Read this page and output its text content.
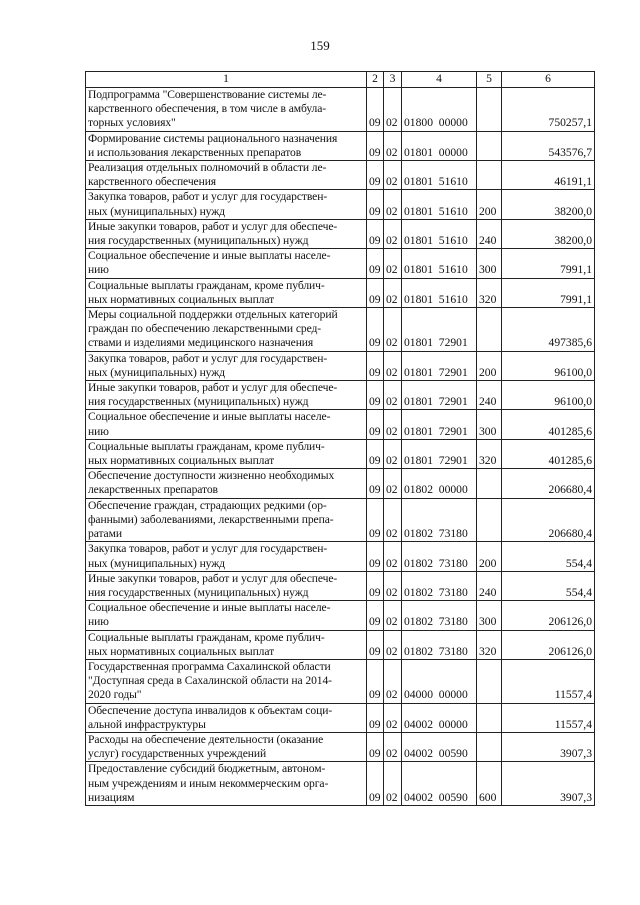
159
1	2	3	4	5	6
Подпрограмма "Совершенствование системы ле-
карственного обеспечения, в том числе в амбула-
торных условиях"	09	02	01800  00000		750257,1
Формирование системы рационального назначения
и использования лекарственных препаратов	09	02	01801  00000		543576,7
Реализация отдельных полномочий в области ле-
карственного обеспечения	09	02	01801  51610		46191,1
Закупка товаров, работ и услуг для государствен-
ных (муниципальных) нужд	09	02	01801  51610	200	38200,0
Иные закупки товаров, работ и услуг для обеспече-
ния государственных (муниципальных) нужд	09	02	01801  51610	240	38200,0
Социальное обеспечение и иные выплаты населе-
нию	09	02	01801  51610	300	7991,1
Социальные выплаты гражданам, кроме публич-
ных нормативных социальных выплат	09	02	01801  51610	320	7991,1
Меры социальной поддержки отдельных категорий
граждан по обеспечению лекарственными сред-
ствами и изделиями медицинского назначения	09	02	01801  72901		497385,6
Закупка товаров, работ и услуг для государствен-
ных (муниципальных) нужд	09	02	01801  72901	200	96100,0
Иные закупки товаров, работ и услуг для обеспече-
ния государственных (муниципальных) нужд	09	02	01801  72901	240	96100,0
Социальное обеспечение и иные выплаты населе-
нию	09	02	01801  72901	300	401285,6
Социальные выплаты гражданам, кроме публич-
ных нормативных социальных выплат	09	02	01801  72901	320	401285,6
Обеспечение доступности жизненно необходимых
лекарственных препаратов	09	02	01802  00000		206680,4
Обеспечение граждан, страдающих редкими (ор-
фанными) заболеваниями, лекарственными препа-
ратами	09	02	01802  73180		206680,4
Закупка товаров, работ и услуг для государствен-
ных (муниципальных) нужд	09	02	01802  73180	200	554,4
Иные закупки товаров, работ и услуг для обеспече-
ния государственных (муниципальных) нужд	09	02	01802  73180	240	554,4
Социальное обеспечение и иные выплаты населе-
нию	09	02	01802  73180	300	206126,0
Социальные выплаты гражданам, кроме публич-
ных нормативных социальных выплат	09	02	01802  73180	320	206126,0
Государственная программа Сахалинской области
"Доступная среда в Сахалинской области на 2014-
2020 годы"	09	02	04000  00000		11557,4
Обеспечение доступа инвалидов к объектам соци-
альной инфраструктуры	09	02	04002  00000		11557,4
Расходы на обеспечение деятельности (оказание
услуг) государственных учреждений	09	02	04002  00590		3907,3
Предоставление субсидий бюджетным, автоном-
ным учреждениям и иным некоммерческим орга-
низациям	09	02	04002  00590	600	3907,3
